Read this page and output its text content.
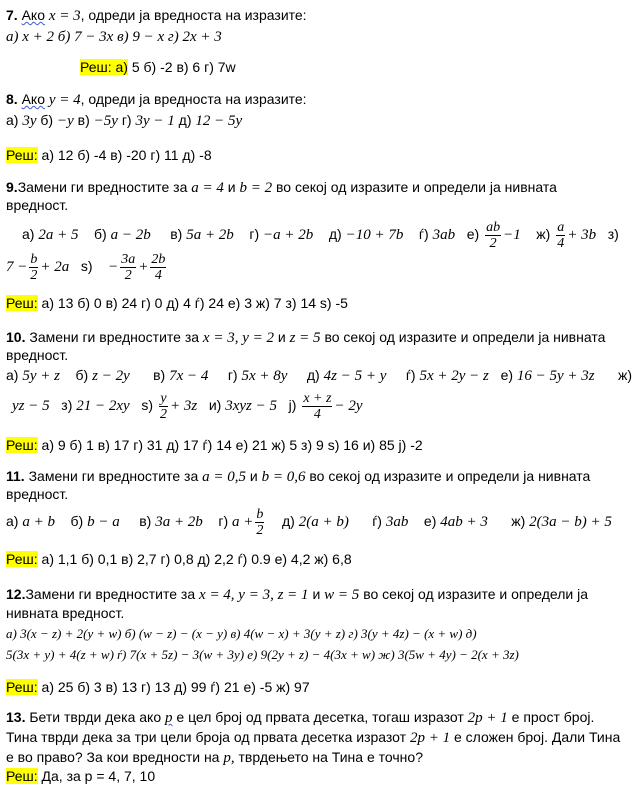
7. Ако x = 3, одреди ја вредноста на изразите:
а) x + 2 б) 7 − 3x в) 9 − x г) 2x + 3
Реш: а) 5 б) -2 в) 6 г) 7w
8. Ако y = 4, одреди ја вредноста на изразите:
а) 3y б) −y в) −5y г) 3y − 1 д) 12 − 5y
Реш: а) 12 б) -4 в) -20 г) 11 д) -8
9.Замени ги вредностите за a = 4 и b = 2 во секој од изразите и определи ја нивната
вредност.
а) 2a + 5 б) a − 2b в) 5a + 2b г) −a + 2b д) −10 + 7b ѓ) 3ab $е) \frac{ab}{2} -1$ $ж) \frac{a}{4} + 3b$ з)
$7 - \frac{b}{2} + 2a$ $ѕ) - \frac{3a}{2} + \frac{2b}{4}$
Реш: а) 13 б) 0 в) 24 г) 0 д) 4 ѓ) 24 е) 3 ж) 7 з) 14 ѕ) -5
10. Замени ги вредностите за x = 3, y = 2 и z = 5 во секој од изразите и определи ја нивната
вредност.
а) 5y + z б) z − 2y в) 7x − 4 г) 5x + 8y д) 4z − 5 + y ѓ) 5x + 2y − z е) 16 − 5y + 3z ж)
yz − 5 з) 21 − 2xy $ѕ) \frac{y}{2} + 3z$ и) 3xyz − 5 $ј) \frac{x + z}{4} - 2y$
Реш: а) 9 б) 1 в) 17 г) 31 д) 17 ѓ) 14 е) 21 ж) 5 з) 9 ѕ) 16 и) 85 ј) -2
11. Замени ги вредностите за a = 0,5 и b = 0,6 во секој од изразите и определи ја нивната
вредност.
а) a + b б) b − a в) 3a + 2b г) $a + \frac{b}{2} д$) 2(a + b) ѓ) 3ab е) 4ab + 3 ж) 2(3a − b) + 5
Реш: а) 1,1 б) 0,1 в) 2,7 г) 0,8 д) 2,2 ѓ) 0.9 е) 4,2 ж) 6,8
12.Замени ги вредностите за x = 4, y = 3, z = 1 и w = 5 во секој од изразите и определи ја
нивната вредност.
а) 3(x − z) + 2(y + w) б) (w − z) − (x − y) в) 4(w − x) + 3(y + z) г) 3(y + 4z) − (x + w) д)
5(3x + y) + 4(z + w) ѓ) 7(x + 5z) − 3(w + 3y) е) 9(2y + z) − 4(3x + w) ж) 3(5w + 4y) − 2(x + 3z)
Реш: а) 25 б) 3 в) 13 г) 13 д) 99 ѓ) 21 е) -5 ж) 97
13. Бети тврди дека ако p е цел број од првата десетка, тогаш изразот 2p + 1 е прост број.
Тина тврди дека за три цели броја од првата десетка изразот 2p + 1 е сложен број. Дали Тина
е во право? За кои вредности на p, тврдењето на Тина е точно?
Реш: Да, за p = 4, 7, 10
